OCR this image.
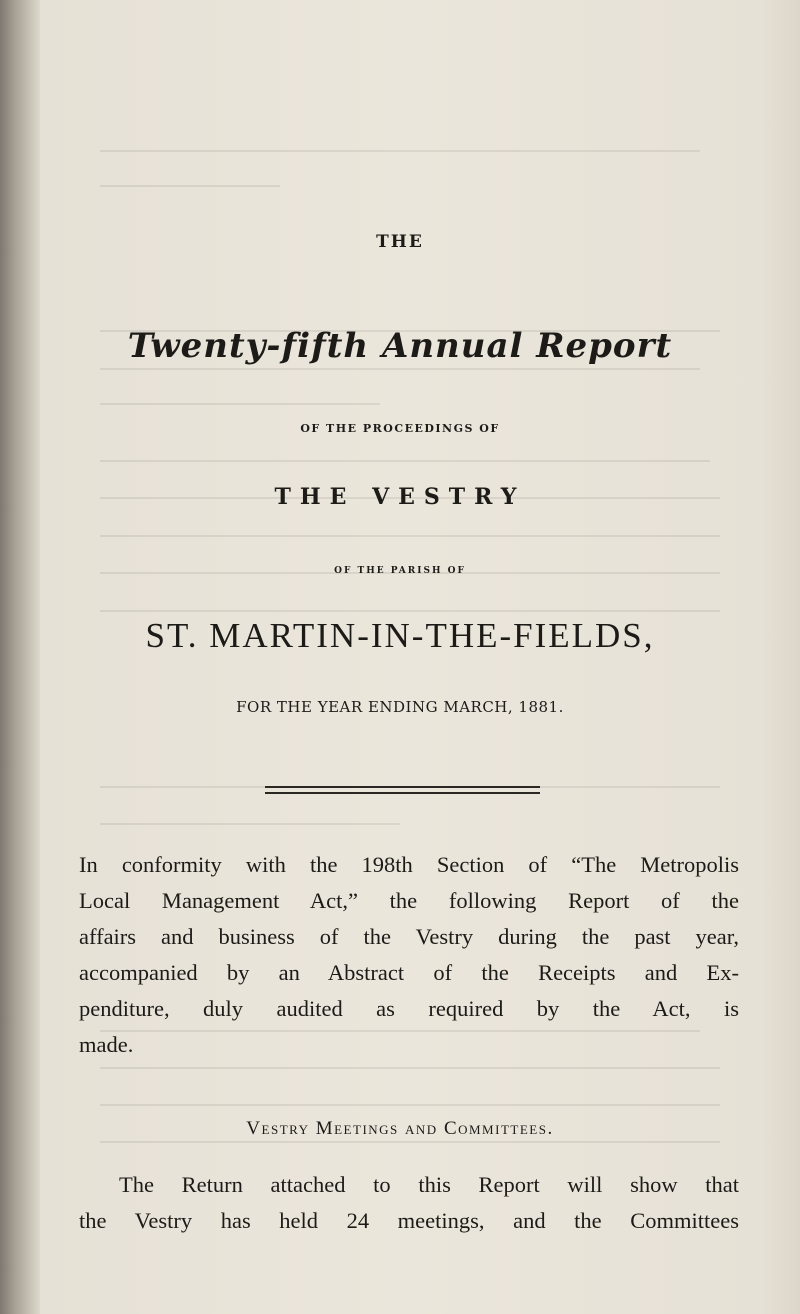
THE
Twenty-fifth Annual Report
OF THE PROCEEDINGS OF
THE VESTRY
OF THE PARISH OF
ST. MARTIN-IN-THE-FIELDS,
FOR THE YEAR ENDING MARCH, 1881.
In conformity with the 198th Section of “The Metropolis
Local Management Act,” the following Report of the
affairs and business of the Vestry during the past year,
accompanied by an Abstract of the Receipts and Ex-
penditure, duly audited as required by the Act, is
made.
Vestry Meetings and Committees.
The Return attached to this Report will show that
the Vestry has held 24 meetings, and the Committees
